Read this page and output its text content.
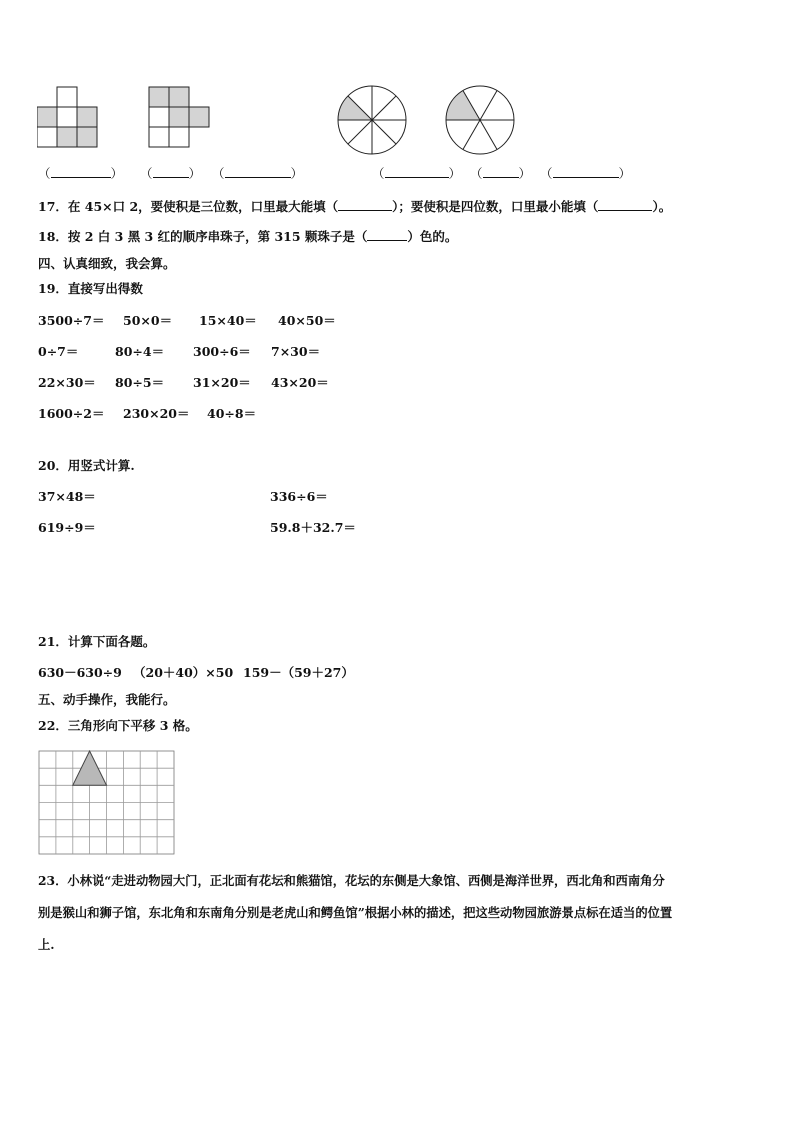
（	） （	） （	）	（	） （	） （	）
17．在 45×口 2，要使积是三位数，口里最大能填（	）；要使积是四位数，口里最小能填（	）。
18．按 2 白 3 黑 3 红的顺序串珠子，第 315 颗珠子是（	）色的。
四、认真细致，我会算。
19．直接写出得数
3500÷7＝ 50×0＝ 15×40＝ 40×50＝
0÷7＝	80÷4＝ 300÷6＝ 7×30＝
22×30＝ 80÷5＝ 31×20＝ 43×20＝
1600÷2＝ 230×20＝ 40÷8＝
20．用竖式计算.
37×48＝	336÷6＝
619÷9＝	59.8＋32.7＝
21．计算下面各题。
630－630÷9 （20＋40）×50 159－（59＋27）
五、动手操作，我能行。
22．三角形向下平移 3 格。
23．小林说“走进动物园大门，正北面有花坛和熊猫馆，花坛的东侧是大象馆、西侧是海洋世界，西北角和西南角分
别是猴山和狮子馆，东北角和东南角分别是老虎山和鳄鱼馆”根据小林的描述，把这些动物园旅游景点标在适当的位置
上.
